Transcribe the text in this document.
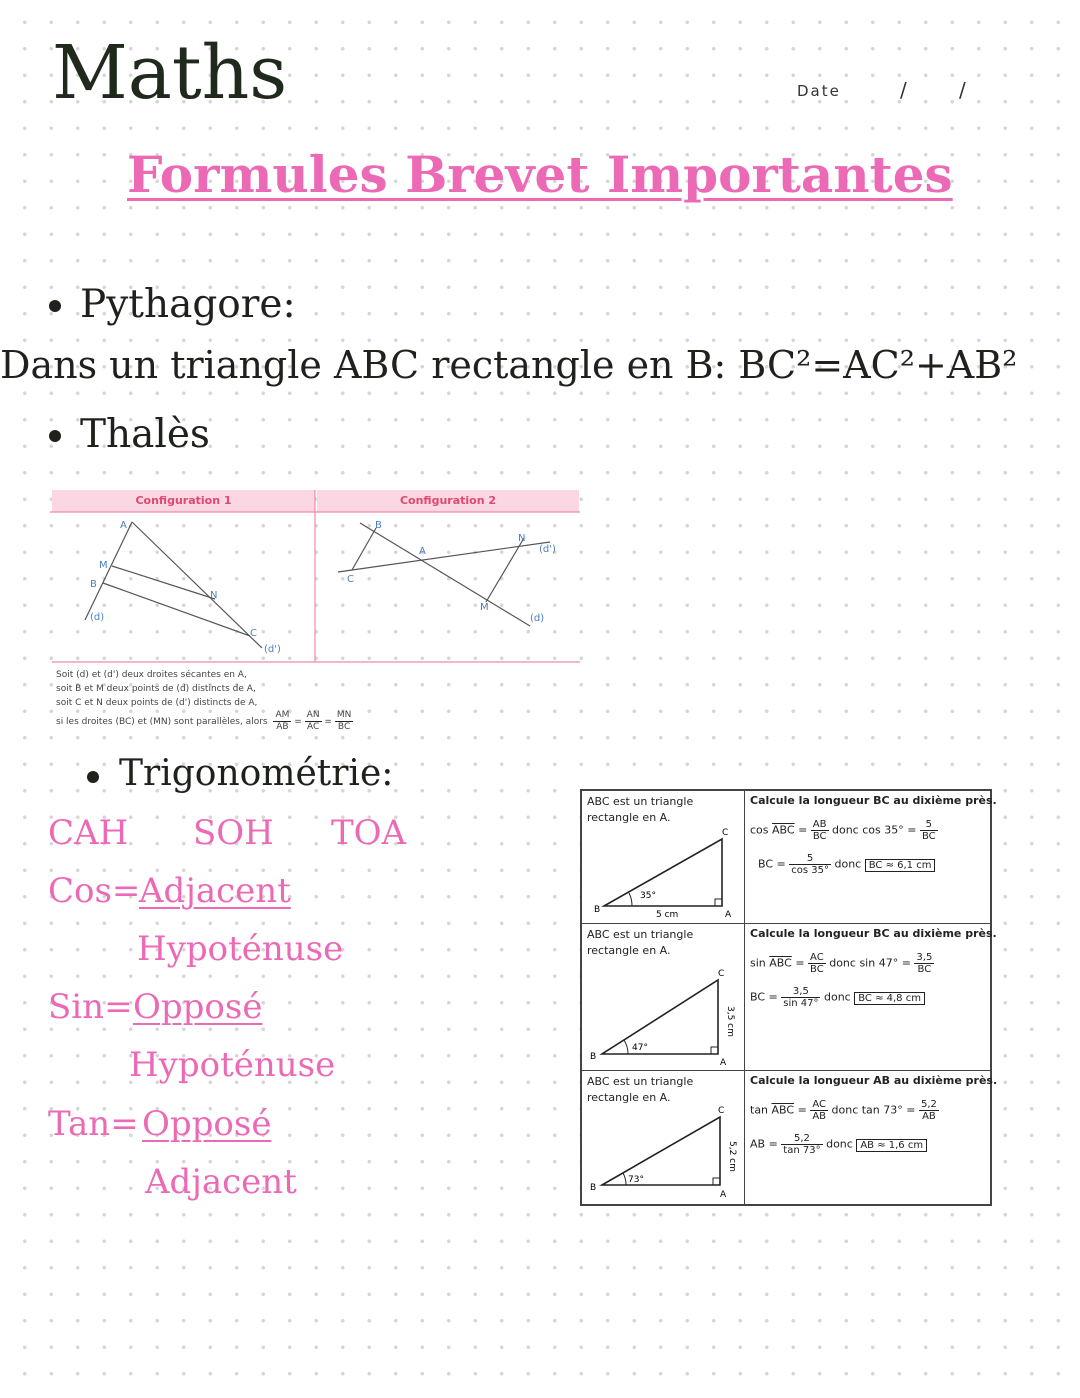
Maths	Date	/	/
Formules Brevet Importantes
Pythagore:
Dans un triangle ABC rectangle en B: BC²=AC²+AB²
Thalès
Configuration 1	Configuration 2
A
M
B
N
C
(d)
(d')
B
A
N
(d')
C
M
(d)
Soit (d) et (d') deux droites sécantes en A,
soit B et M deux points de (d) distincts de A,
soit C et N deux points de (d') distincts de A,
si les droites (BC) et (MN) sont parallèles, alors $\frac{AM}{AB} = \frac{AN}{AC} = \frac{MN}{BC}$
Trigonométrie:
CAH SOH TOA
Cos=
Adjacent
Hypoténuse
Sin= Opposé
Hypoténuse
Tan= Opposé
Adjacent
ABC est un triangle
rectangle en A.
35°
5 cm
B	A
C
Calcule la longueur BC au dixième près.
$\cos \overline{ABC} = \frac{AB}{BC}$ donc $\cos 35^\circ = \frac{5}{BC}$
BC = $\frac{5}{\cos 35^\circ}$ donc BC ≈ 6,1 cm
ABC est un triangle
rectangle en A.
47°
3,5 cm
B
A
C
Calcule la longueur BC au dixième près.
$\sin \overline{ABC} = \frac{AC}{BC}$ donc $\sin 47^\circ = \frac{3,5}{BC}$
BC = $\frac{3,5}{\sin 47^\circ}$ donc BC ≈ 4,8 cm
ABC est un triangle
rectangle en A.
73°
5,2 cm
B
A
C
Calcule la longueur AB au dixième près.
$\tan \overline{ABC} = \frac{AC}{AB}$ donc $\tan 73^\circ = \frac{5,2}{AB}$
AB = $\frac{5,2}{\tan 73^\circ}$ donc AB ≈ 1,6 cm
